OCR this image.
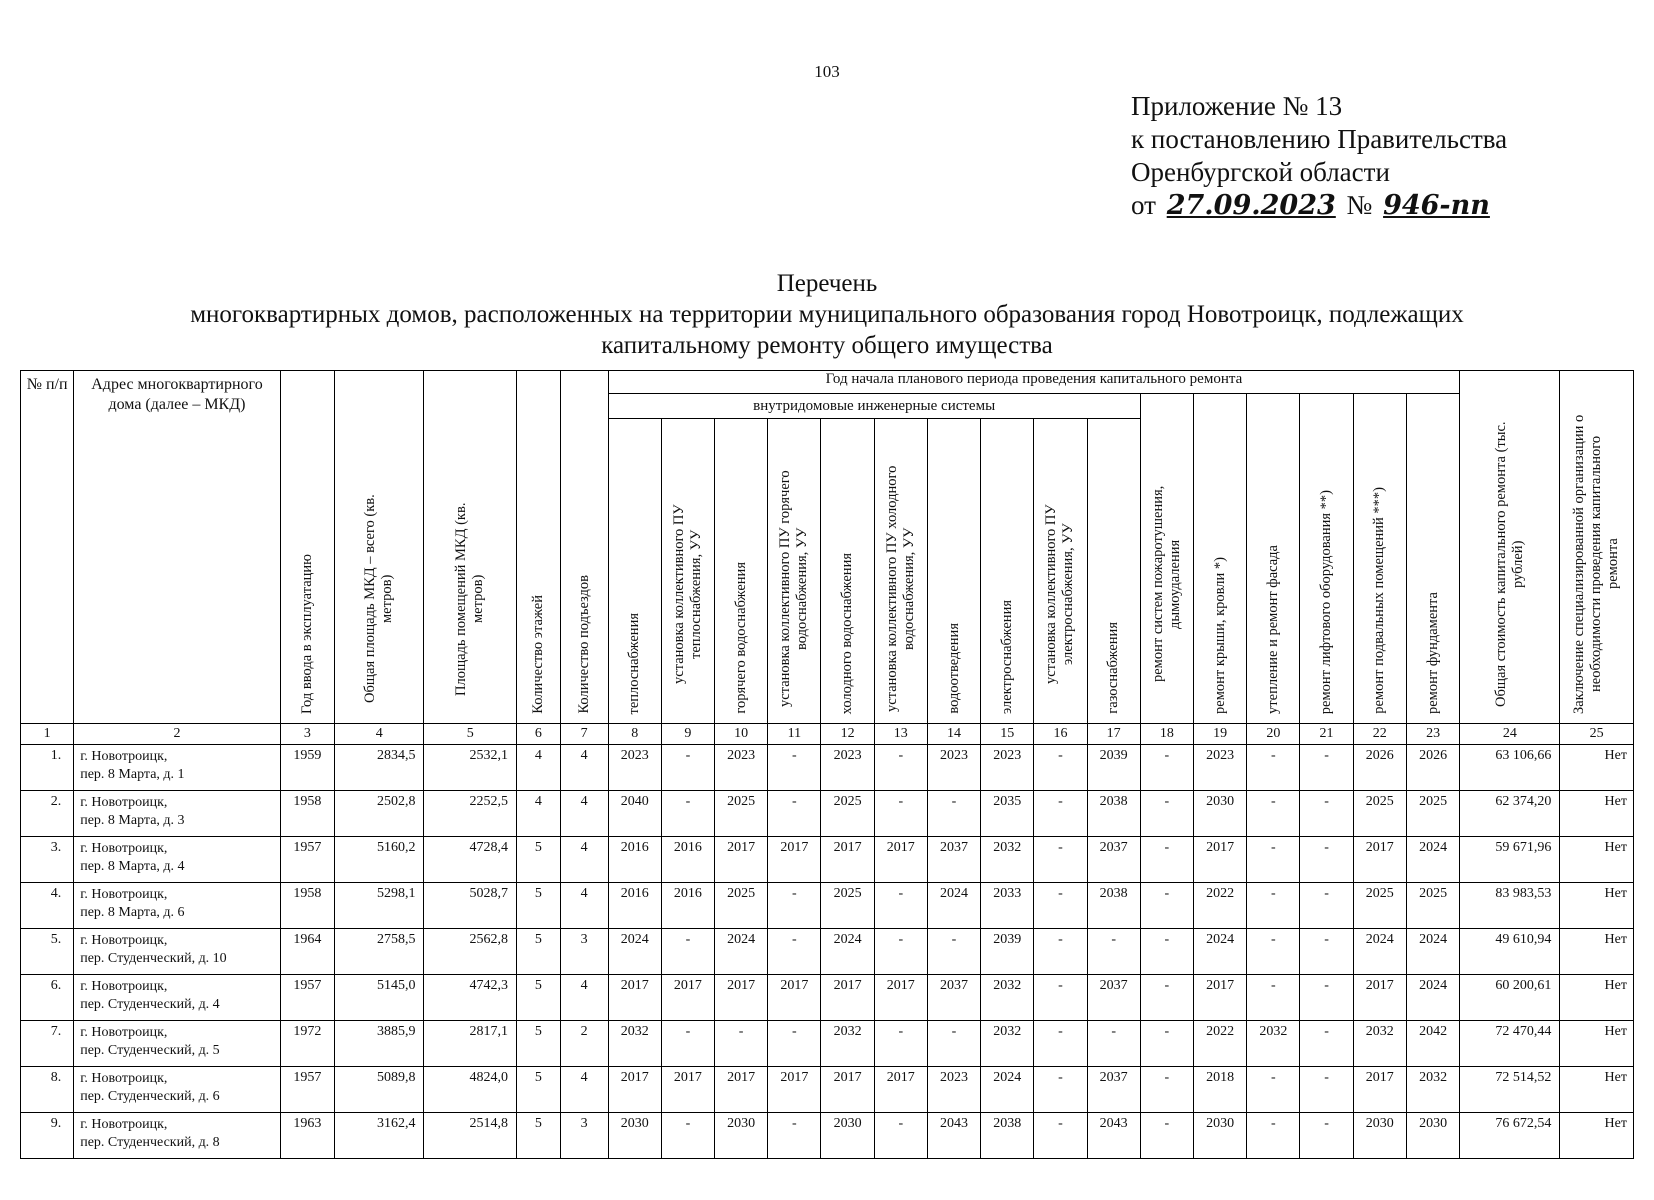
103
Приложение № 13
к постановлению Правительства
Оренбургской области
от 27.09.2023 № 946-пп
Перечень
многоквартирных домов, расположенных на территории муниципального образования город Новотроицк, подлежащих
капитальному ремонту общего имущества
№ п/п	Адрес многоквартирного дома (далее – МКД)	Год ввода в эксплуатацию	Общая площадь МКД – всего (кв. метров)	Площадь помещений МКД (кв. метров)	Количество этажей	Количество подъездов	Год начала планового периода проведения капитального ремонта																Общая стоимость капитального ремонта (тыс. рублей)	Заключение специализированной организации о необходимости проведения капитального ремонта
							внутридомовые инженерные системы										ремонт систем пожаротушения, дымоудаления	ремонт крыши, кровли *)	утепление и ремонт фасада	ремонт лифтового оборудования **)	ремонт подвальных помещений ***)	ремонт фундамента		
							теплоснабжения	установка коллективного ПУ теплоснабжения, УУ	горячего водоснабжения	установка коллективного ПУ горячего водоснабжения, УУ	холодного водоснабжения	установка коллективного ПУ холодного водоснабжения, УУ	водоотведения	электроснабжения	установка коллективного ПУ электроснабжения, УУ	газоснабжения								
1	2	3	4	5	6	7	8	9	10	11	12	13	14	15	16	17	18	19	20	21	22	23	24	25
1.	г. Новотроицк,
пер. 8 Марта, д. 1	1959	2834,5	2532,1	4	4	2023	-	2023	-	2023	-	2023	2023	-	2039	-	2023	-	-	2026	2026	63 106,66	Нет
2.	г. Новотроицк,
пер. 8 Марта, д. 3	1958	2502,8	2252,5	4	4	2040	-	2025	-	2025	-	-	2035	-	2038	-	2030	-	-	2025	2025	62 374,20	Нет
3.	г. Новотроицк,
пер. 8 Марта, д. 4	1957	5160,2	4728,4	5	4	2016	2016	2017	2017	2017	2017	2037	2032	-	2037	-	2017	-	-	2017	2024	59 671,96	Нет
4.	г. Новотроицк,
пер. 8 Марта, д. 6	1958	5298,1	5028,7	5	4	2016	2016	2025	-	2025	-	2024	2033	-	2038	-	2022	-	-	2025	2025	83 983,53	Нет
5.	г. Новотроицк,
пер. Студенческий, д. 10	1964	2758,5	2562,8	5	3	2024	-	2024	-	2024	-	-	2039	-	-	-	2024	-	-	2024	2024	49 610,94	Нет
6.	г. Новотроицк,
пер. Студенческий, д. 4	1957	5145,0	4742,3	5	4	2017	2017	2017	2017	2017	2017	2037	2032	-	2037	-	2017	-	-	2017	2024	60 200,61	Нет
7.	г. Новотроицк,
пер. Студенческий, д. 5	1972	3885,9	2817,1	5	2	2032	-	-	-	2032	-	-	2032	-	-	-	2022	2032	-	2032	2042	72 470,44	Нет
8.	г. Новотроицк,
пер. Студенческий, д. 6	1957	5089,8	4824,0	5	4	2017	2017	2017	2017	2017	2017	2023	2024	-	2037	-	2018	-	-	2017	2032	72 514,52	Нет
9.	г. Новотроицк,
пер. Студенческий, д. 8	1963	3162,4	2514,8	5	3	2030	-	2030	-	2030	-	2043	2038	-	2043	-	2030	-	-	2030	2030	76 672,54	Нет
